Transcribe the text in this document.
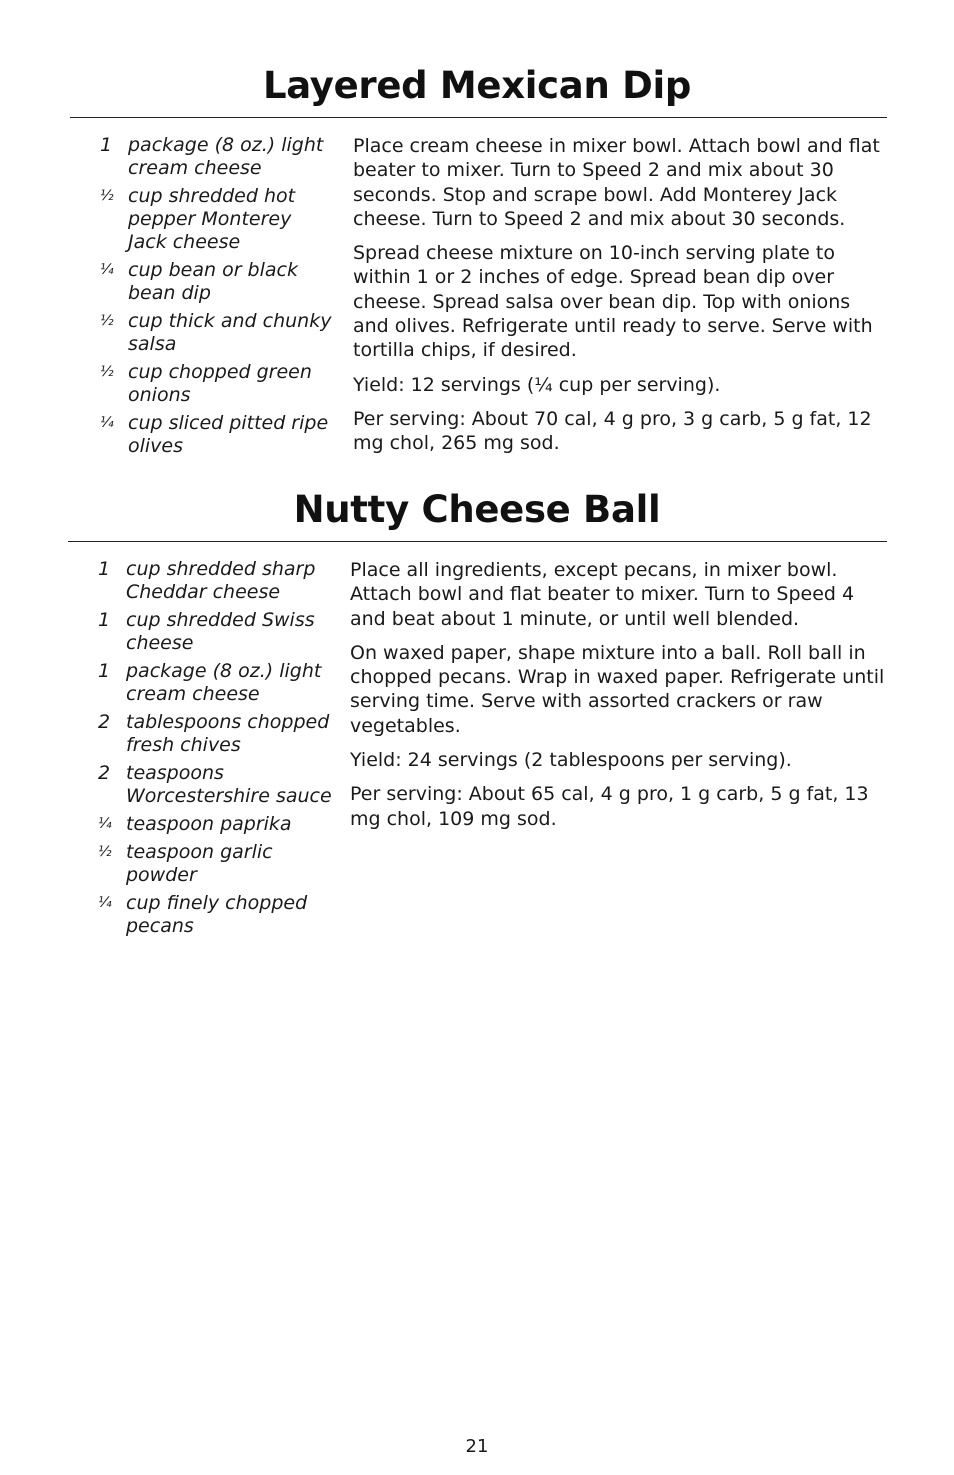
Layered Mexican Dip
1 package (8 oz.) light cream cheese
½ cup shredded hot pepper Monterey Jack cheese
¼ cup bean or black bean dip
½ cup thick and chunky salsa
½ cup chopped green onions
¼ cup sliced pitted ripe olives

Place cream cheese in mixer bowl. Attach bowl and flat beater to mixer. Turn to Speed 2 and mix about 30 seconds. Stop and scrape bowl. Add Monterey Jack cheese. Turn to Speed 2 and mix about 30 seconds.

Spread cheese mixture on 10-inch serving plate to within 1 or 2 inches of edge. Spread bean dip over cheese. Spread salsa over bean dip. Top with onions and olives. Refrigerate until ready to serve. Serve with tortilla chips, if desired.

Yield: 12 servings (¼ cup per serving).

Per serving: About 70 cal, 4 g pro, 3 g carb, 5 g fat, 12 mg chol, 265 mg sod.

Nutty Cheese Ball
1 cup shredded sharp Cheddar cheese
1 cup shredded Swiss cheese
1 package (8 oz.) light cream cheese
2 tablespoons chopped fresh chives
2 teaspoons Worcestershire sauce
¼ teaspoon paprika
½ teaspoon garlic powder
¼ cup finely chopped pecans

Place all ingredients, except pecans, in mixer bowl. Attach bowl and flat beater to mixer. Turn to Speed 4 and beat about 1 minute, or until well blended.

On waxed paper, shape mixture into a ball. Roll ball in chopped pecans. Wrap in waxed paper. Refrigerate until serving time. Serve with assorted crackers or raw vegetables.

Yield: 24 servings (2 tablespoons per serving).

Per serving: About 65 cal, 4 g pro, 1 g carb, 5 g fat, 13 mg chol, 109 mg sod.

21
